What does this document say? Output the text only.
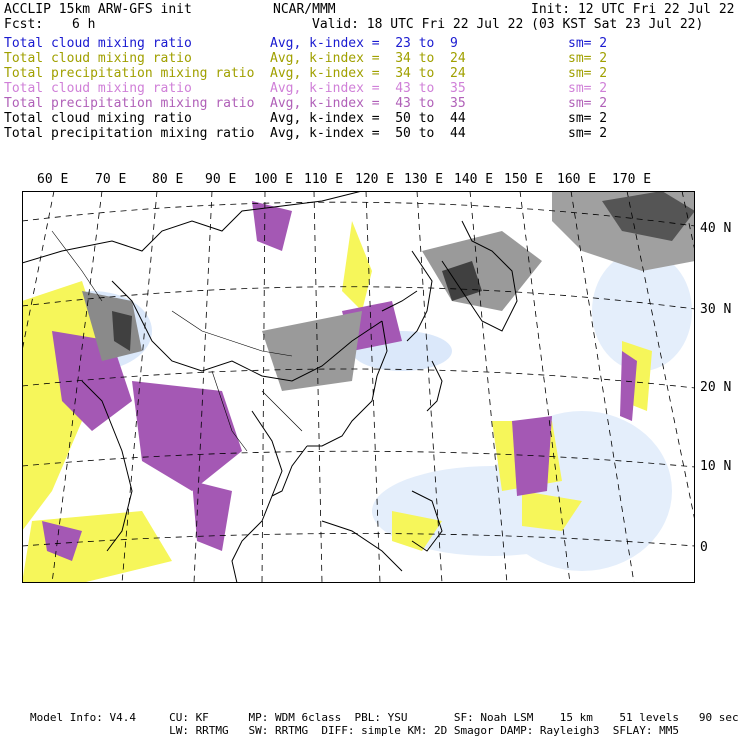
ACCLIP 15km ARW-GFS init	NCAR/MMM	Init: 12 UTC Fri 22 Jul 22
Fcst: 6 h	Valid: 18 UTC Fri 22 Jul 22 (03 KST Sat 23 Jul 22)
Total cloud mixing ratio	Avg, k-index =  23 to  9	sm= 2
Total cloud mixing ratio	Avg, k-index =  34 to  24	sm= 2
Total precipitation mixing ratio Avg, k-index =  34 to  24	sm= 2
Total cloud mixing ratio	Avg, k-index =  43 to  35	sm= 2
Total precipitation mixing ratio Avg, k-index =  43 to  35	sm= 2
Total cloud mixing ratio	Avg, k-index =  50 to  44	sm= 2
Total precipitation mixing ratio Avg, k-index =  50 to  44	sm= 2
60 E 70 E 80 E 90 E 100 E 110 E 120 E 130 E 140 E 150 E 160 E 170 E
40 N
30 N
20 N
10 N
0
Model Info: V4.4     CU: KF      MP: WDM 6class  PBL: YSU       SF: Noah LSM    15 km    51 levels   90 sec
LW: RRTMG   SW: RRTMG  DIFF: simple KM: 2D Smagor DAMP: Rayleigh3  SFLAY: MM5
